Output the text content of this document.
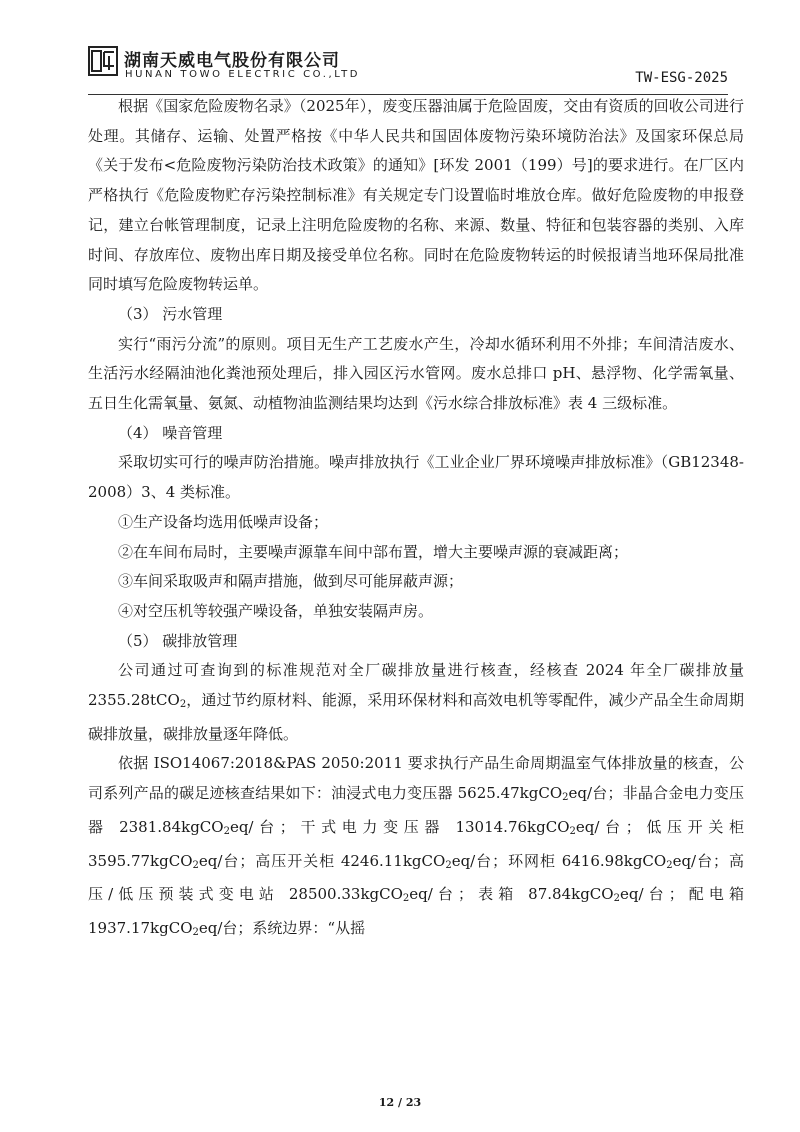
湖南天威电气股份有限公司
HUNAN TOWO ELECTRIC CO.,LTD	TW-ESG-2025

根据《国家危险废物名录》（2025年），废变压器油属于危险固废，交由有资质的回收公司进行处理。其储存、运输、处置严格按《中华人民共和国固体废物污染环境防治法》及国家环保总局《关于发布<危险废物污染防治技术政策》的通知》[环发 2001（199）号]的要求进行。在厂区内严格执行《危险废物贮存污染控制标准》有关规定专门设置临时堆放仓库。做好危险废物的申报登记，建立台帐管理制度，记录上注明危险废物的名称、来源、数量、特征和包装容器的类别、入库时间、存放库位、废物出库日期及接受单位名称。同时在危险废物转运的时候报请当地环保局批准同时填写危险废物转运单。

（3） 污水管理

实行“雨污分流”的原则。项目无生产工艺废水产生，冷却水循环利用不外排；车间清洁废水、生活污水经隔油池化粪池预处理后，排入园区污水管网。废水总排口 pH、悬浮物、化学需氧量、五日生化需氧量、氨氮、动植物油监测结果均达到《污水综合排放标准》表 4 三级标准。

（4） 噪音管理

采取切实可行的噪声防治措施。噪声排放执行《工业企业厂界环境噪声排放标准》（GB12348-2008）3、4 类标准。

①生产设备均选用低噪声设备；

②在车间布局时，主要噪声源靠车间中部布置，增大主要噪声源的衰减距离；

③车间采取吸声和隔声措施，做到尽可能屏蔽声源；

④对空压机等较强产噪设备，单独安装隔声房。

（5） 碳排放管理

公司通过可查询到的标准规范对全厂碳排放量进行核查，经核查 2024 年全厂碳排放量 2355.28tCO$_2$，通过节约原材料、能源，采用环保材料和高效电机等零配件，减少产品全生命周期碳排放量，碳排放量逐年降低。

依据 ISO14067:2018&PAS 2050:2011 要求执行产品生命周期温室气体排放量的核查，公司系列产品的碳足迹核查结果如下：油浸式电力变压器 5625.47kgCO$_2$eq/台；非晶合金电力变压器 2381.84kgCO$_2$eq/台；干式电力变压器 13014.76kgCO$_2$eq/台；低压开关柜 3595.77kgCO$_2$eq/台；高压开关柜 4246.11kgCO$_2$eq/台；环网柜 6416.98kgCO$_2$eq/台；高压/低压预装式变电站 28500.33kgCO$_2$eq/台；表箱 87.84kgCO$_2$eq/台；配电箱 1937.17kgCO$_2$eq/台；系统边界：“从摇

12 / 23
